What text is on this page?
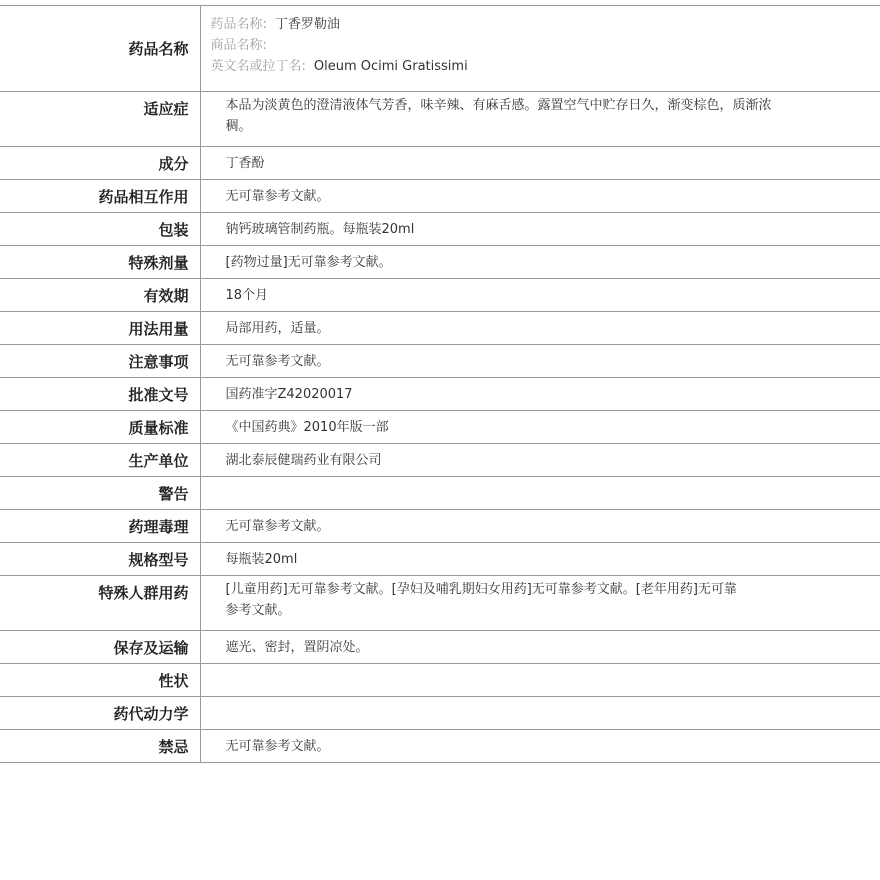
药品名称	药品名称: 丁香罗勒油
商品名称:
英文名或拉丁名: Oleum Ocimi Gratissimi

适应症	本品为淡黄色的澄清液体气芳香，味辛辣、有麻舌感。露置空气中贮存日久，渐变棕色，质渐浓稠。

成分	丁香酚
药品相互作用	无可靠参考文献。
包装	钠钙玻璃管制药瓶。每瓶装20ml
特殊剂量	[药物过量]无可靠参考文献。
有效期	18个月
用法用量	局部用药，适量。
注意事项	无可靠参考文献。
批准文号	国药准字Z42020017
质量标准	《中国药典》2010年版一部
生产单位	湖北泰辰健瑞药业有限公司
警告	
药理毒理	无可靠参考文献。
规格型号	每瓶装20ml
特殊人群用药	[儿童用药]无可靠参考文献。[孕妇及哺乳期妇女用药]无可靠参考文献。[老年用药]无可靠参考文献。

保存及运输	遮光、密封，置阴凉处。
性状	
药代动力学	
禁忌	无可靠参考文献。
